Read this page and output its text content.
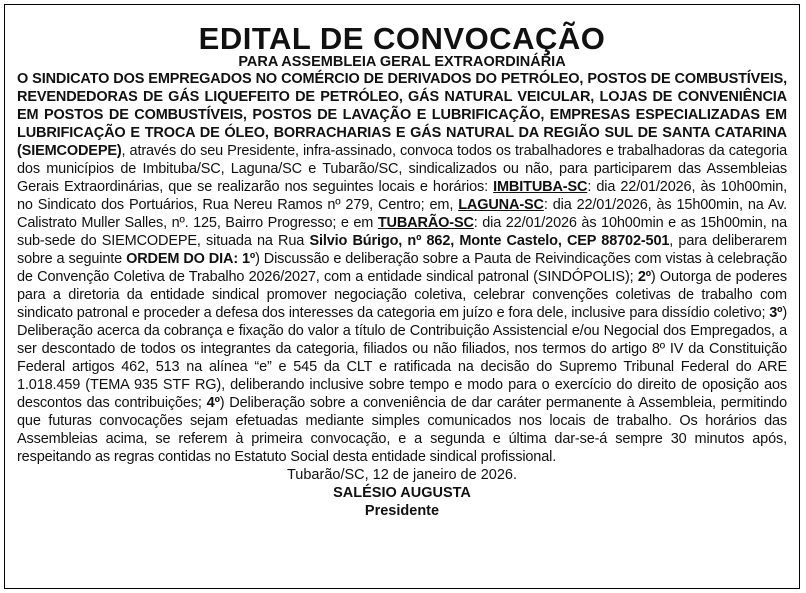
EDITAL DE CONVOCAÇÃO
PARA ASSEMBLEIA GERAL EXTRAORDINÁRIA

O SINDICATO DOS EMPREGADOS NO COMÉRCIO DE DERIVADOS DO PETRÓLEO, POSTOS DE COMBUSTÍVEIS, REVENDEDORAS DE GÁS LIQUEFEITO DE PETRÓLEO, GÁS NATURAL VEICULAR, LOJAS DE CONVENIÊNCIA EM POSTOS DE COMBUSTÍVEIS, POSTOS DE LAVAÇÃO E LUBRIFICAÇÃO, EMPRESAS ESPECIALIZADAS EM LUBRIFICAÇÃO E TROCA DE ÓLEO, BORRACHARIAS E GÁS NATURAL DA REGIÃO SUL DE SANTA CATARINA (SIEMCODEPE), através do seu Presidente, infra-assinado, convoca todos os trabalhadores e trabalhadoras da categoria dos municípios de Imbituba/SC, Laguna/SC e Tubarão/SC, sindicalizados ou não, para participarem das Assembleias Gerais Extraordinárias, que se realizarão nos seguintes locais e horários: IMBITUBA-SC: dia 22/01/2026, às 10h00min, no Sindicato dos Portuários, Rua Nereu Ramos nº 279, Centro; em, LAGUNA-SC: dia 22/01/2026, às 15h00min, na Av. Calistrato Muller Salles, nº. 125, Bairro Progresso; e em TUBARÃO-SC: dia 22/01/2026 às 10h00min e as 15h00min, na sub-sede do SIEMCODEPE, situada na Rua Silvio Búrigo, nº 862, Monte Castelo, CEP 88702-501, para deliberarem sobre a seguinte ORDEM DO DIA: 1º) Discussão e deliberação sobre a Pauta de Reivindicações com vistas à celebração de Convenção Coletiva de Trabalho 2026/2027, com a entidade sindical patronal (SINDÓPOLIS); 2º) Outorga de poderes para a diretoria da entidade sindical promover negociação coletiva, celebrar convenções coletivas de trabalho com sindicato patronal e proceder a defesa dos interesses da categoria em juízo e fora dele, inclusive para dissídio coletivo; 3º) Deliberação acerca da cobrança e fixação do valor a título de Contribuição Assistencial e/ou Negocial dos Empregados, a ser descontado de todos os integrantes da categoria, filiados ou não filiados, nos termos do artigo 8º IV da Constituição Federal artigos 462, 513 na alínea “e” e 545 da CLT e ratificada na decisão do Supremo Tribunal Federal do ARE 1.018.459 (TEMA 935 STF RG), deliberando inclusive sobre tempo e modo para o exercício do direito de oposição aos descontos das contribuições; 4º) Deliberação sobre a conveniência de dar caráter permanente à Assembleia, permitindo que futuras convocações sejam efetuadas mediante simples comunicados nos locais de trabalho. Os horários das Assembleias acima, se referem à primeira convocação, e a segunda e última dar-se-á sempre 30 minutos após, respeitando as regras contidas no Estatuto Social desta entidade sindical profissional.

Tubarão/SC, 12 de janeiro de 2026.

SALÉSIO AUGUSTA

Presidente
